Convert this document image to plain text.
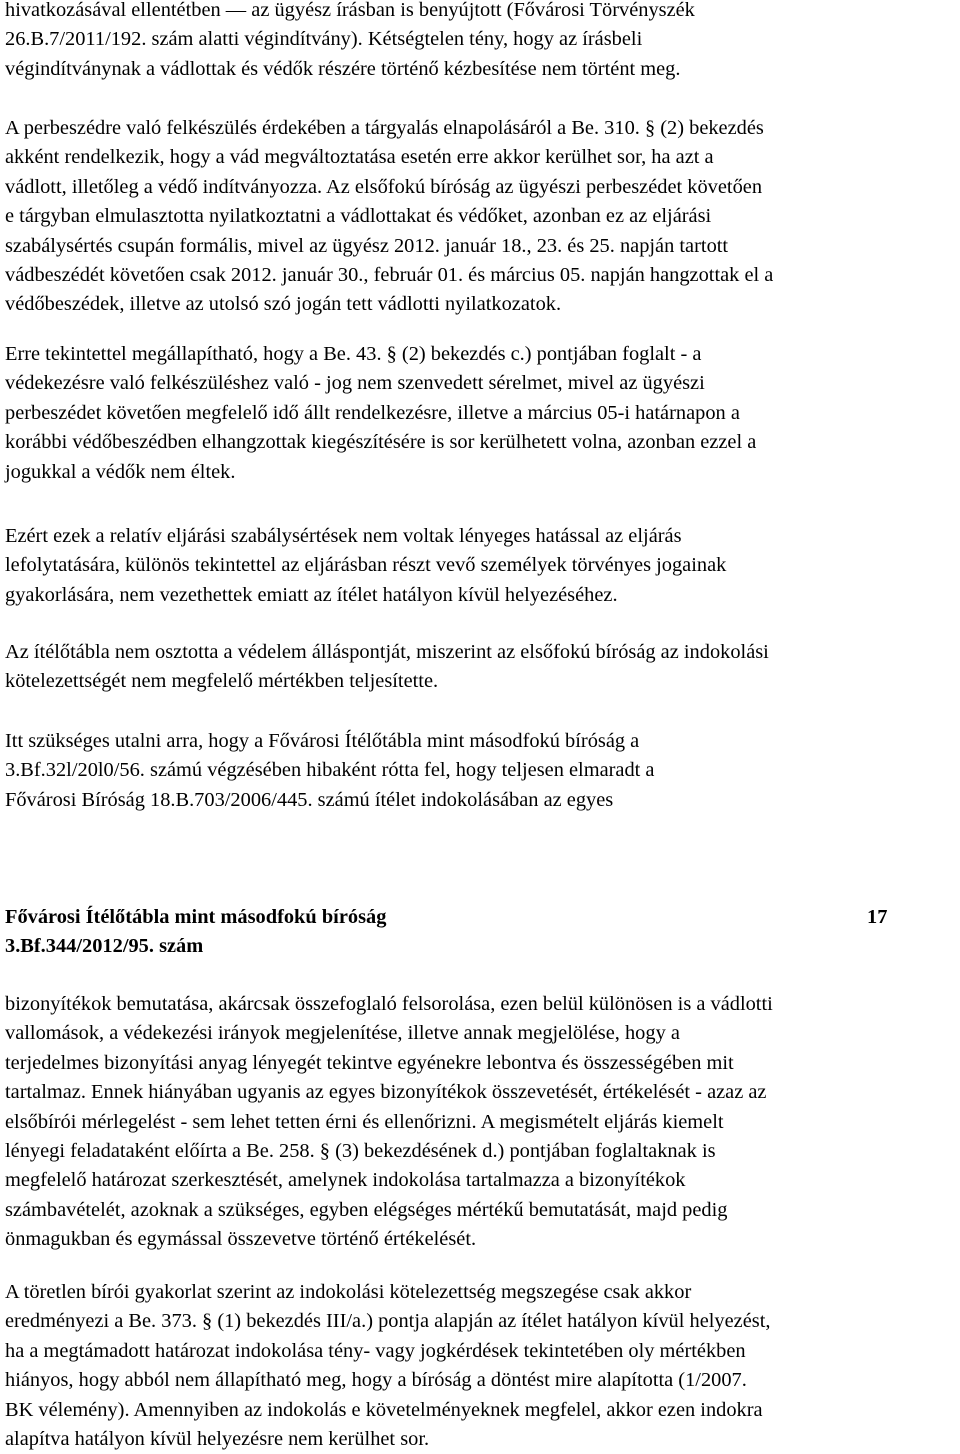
hivatkozásával ellentétben — az ügyész írásban is benyújtott (Fővárosi Törvényszék
26.B.7/2011/192. szám alatti végindítvány). Kétségtelen tény, hogy az írásbeli
végindítványnak a vádlottak és védők részére történő kézbesítése nem történt meg.
A perbeszédre való felkészülés érdekében a tárgyalás elnapolásáról a Be. 310. § (2) bekezdés
akként rendelkezik, hogy a vád megváltoztatása esetén erre akkor kerülhet sor, ha azt a
vádlott, illetőleg a védő indítványozza. Az elsőfokú bíróság az ügyészi perbeszédet követően
e tárgyban elmulasztotta nyilatkoztatni a vádlottakat és védőket, azonban ez az eljárási
szabálysértés csupán formális, mivel az ügyész 2012. január 18., 23. és 25. napján tartott
vádbeszédét követően csak 2012. január 30., február 01. és március 05. napján hangzottak el a
védőbeszédek, illetve az utolsó szó jogán tett vádlotti nyilatkozatok.
Erre tekintettel megállapítható, hogy a Be. 43. § (2) bekezdés c.) pontjában foglalt - a
védekezésre való felkészüléshez való - jog nem szenvedett sérelmet, mivel az ügyészi
perbeszédet követően megfelelő idő állt rendelkezésre, illetve a március 05-i határnapon a
korábbi védőbeszédben elhangzottak kiegészítésére is sor kerülhetett volna, azonban ezzel a
jogukkal a védők nem éltek.
Ezért ezek a relatív eljárási szabálysértések nem voltak lényeges hatással az eljárás
lefolytatására, különös tekintettel az eljárásban részt vevő személyek törvényes jogainak
gyakorlására, nem vezethettek emiatt az ítélet hatályon kívül helyezéséhez.
Az ítélőtábla nem osztotta a védelem álláspontját, miszerint az elsőfokú bíróság az indokolási
kötelezettségét nem megfelelő mértékben teljesítette.
Itt szükséges utalni arra, hogy a Fővárosi Ítélőtábla mint másodfokú bíróság a
3.Bf.32l/20l0/56. számú végzésében hibaként rótta fel, hogy teljesen elmaradt a
Fővárosi Bíróság 18.B.703/2006/445. számú ítélet indokolásában az egyes
Fővárosi Ítélőtábla mint másodfokú bíróság	17
3.Bf.344/2012/95. szám
bizonyítékok bemutatása, akárcsak összefoglaló felsorolása, ezen belül különösen is a vádlotti
vallomások, a védekezési irányok megjelenítése, illetve annak megjelölése, hogy a
terjedelmes bizonyítási anyag lényegét tekintve egyénekre lebontva és összességében mit
tartalmaz. Ennek hiányában ugyanis az egyes bizonyítékok összevetését, értékelését - azaz az
elsőbírói mérlegelést - sem lehet tetten érni és ellenőrizni. A megismételt eljárás kiemelt
lényegi feladataként előírta a Be. 258. § (3) bekezdésének d.) pontjában foglaltaknak is
megfelelő határozat szerkesztését, amelynek indokolása tartalmazza a bizonyítékok
számbavételét, azoknak a szükséges, egyben elégséges mértékű bemutatását, majd pedig
önmagukban és egymással összevetve történő értékelését.
A töretlen bírói gyakorlat szerint az indokolási kötelezettség megszegése csak akkor
eredményezi a Be. 373. § (1) bekezdés III/a.) pontja alapján az ítélet hatályon kívül helyezést,
ha a megtámadott határozat indokolása tény- vagy jogkérdések tekintetében oly mértékben
hiányos, hogy abból nem állapítható meg, hogy a bíróság a döntést mire alapította (1/2007.
BK vélemény). Amennyiben az indokolás e követelményeknek megfelel, akkor ezen indokra
alapítva hatályon kívül helyezésre nem kerülhet sor.
